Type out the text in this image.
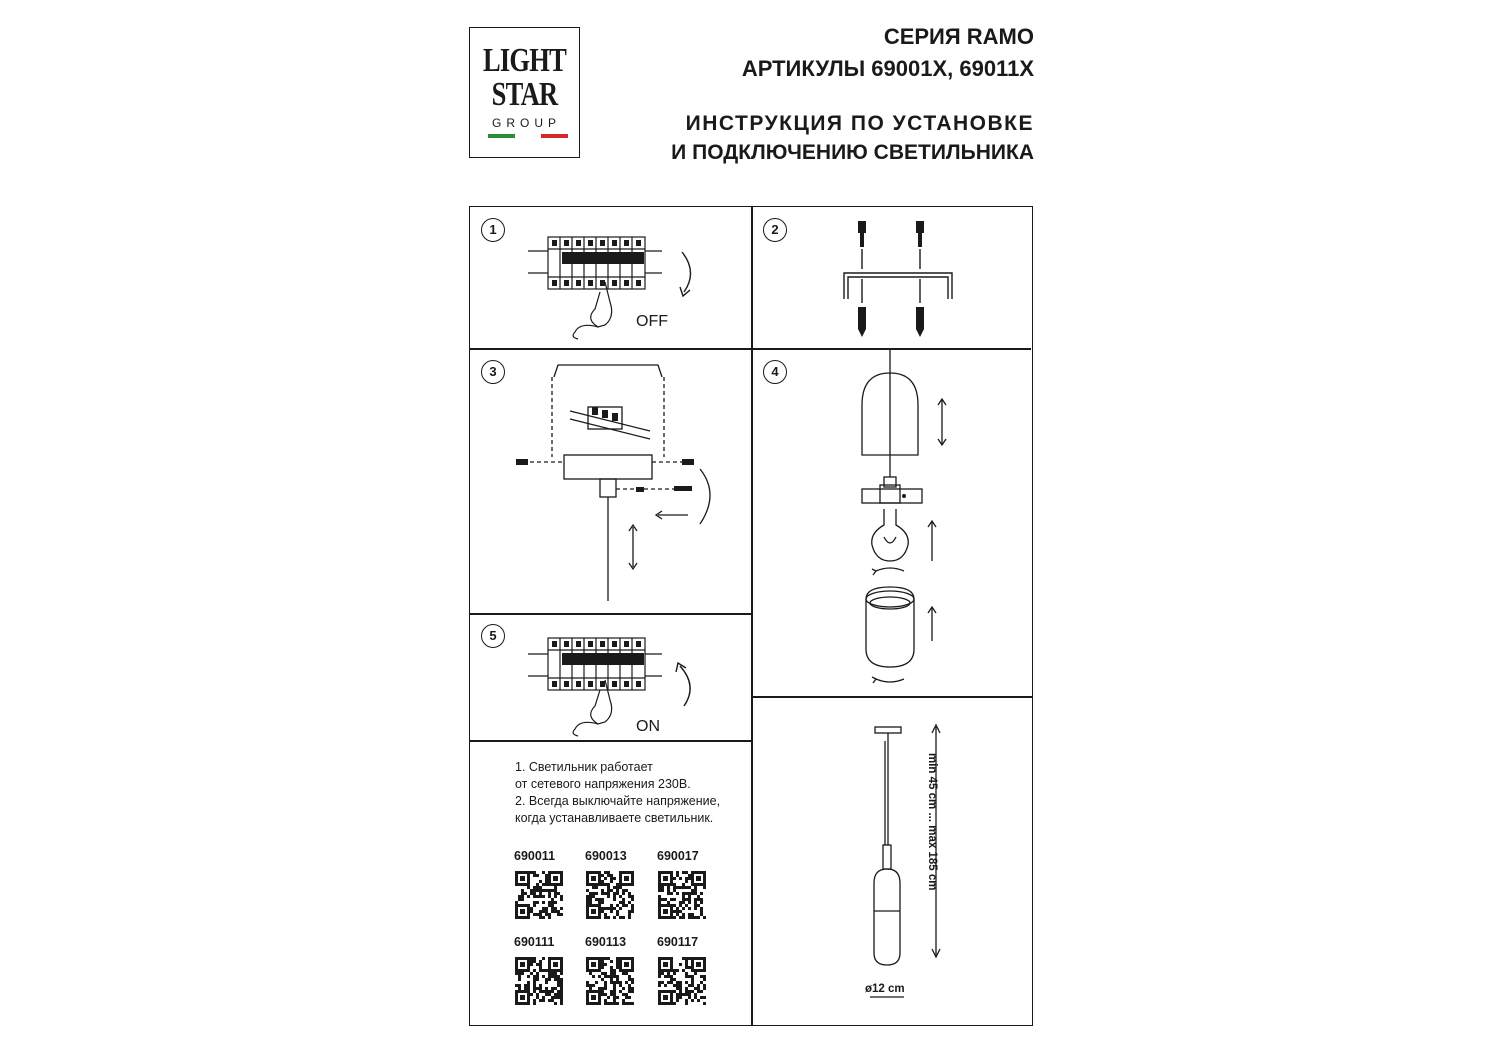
LIGHT
STAR
GROUP
СЕРИЯ RAMO
АРТИКУЛЫ 69001X, 69011X
ИНСТРУКЦИЯ ПО УСТАНОВКЕ
И ПОДКЛЮЧЕНИЮ СВЕТИЛЬНИКА
1
OFF
2
3	4
5
ON
1. Светильник работает
от сетевого напряжения 230В.
2. Всегда выключайте напряжение,
когда устанавливаете светильник.
690011 690013 690017
690111 690113 690117
min 45 cm ... max 185 cm
ø12 cm
